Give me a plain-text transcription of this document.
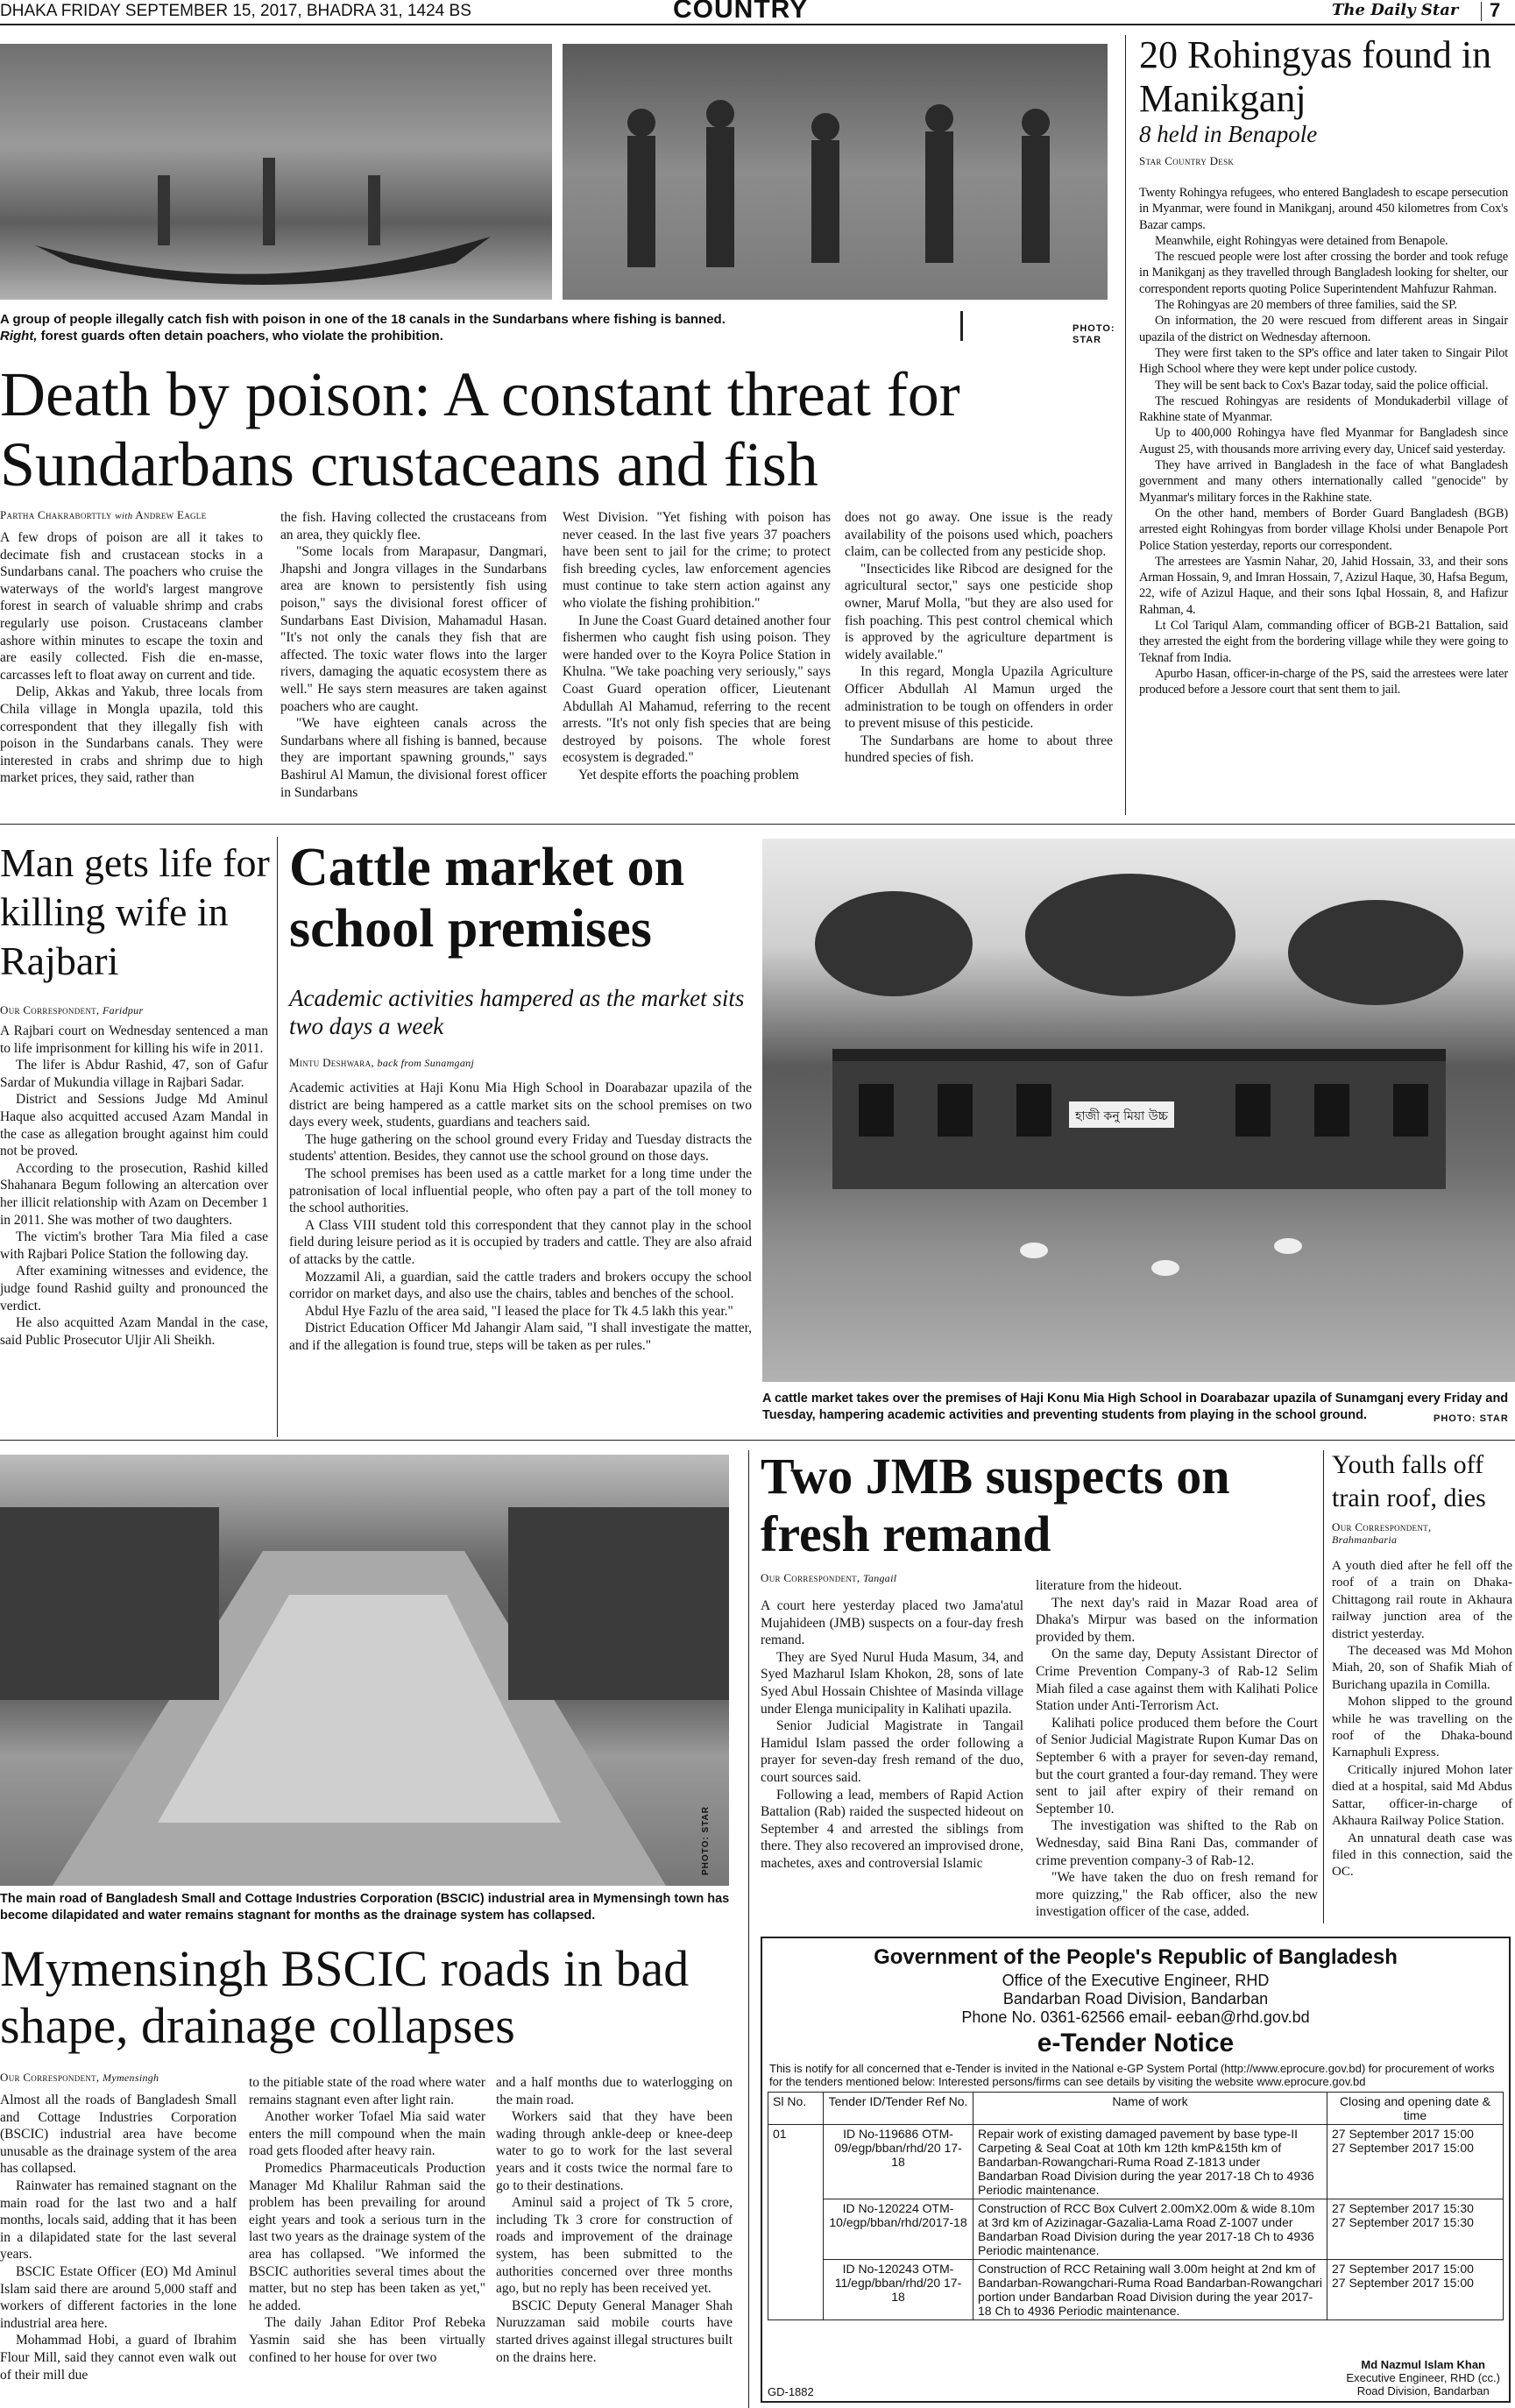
DHAKA FRIDAY SEPTEMBER 15, 2017, BHADRA 31, 1424 BS	COUNTRY	The Daily Star 7
A group of people illegally catch fish with poison in one of the 18 canals in the Sundarbans where fishing is banned.
Right, forest guards often detain poachers, who violate the prohibition.	PHOTO:
STAR
Death by poison: A constant threat for Sundarbans crustaceans and fish
Partha Chakraborttly with Andrew Eagle

A few drops of poison are all it takes to decimate fish and crustacean stocks in a Sundarbans canal. The poachers who cruise the waterways of the world's largest mangrove forest in search of valuable shrimp and crabs regularly use poison. Crustaceans clamber ashore within minutes to escape the toxin and are easily collected. Fish die en-masse, carcasses left to float away on current and tide.

Delip, Akkas and Yakub, three locals from Chila village in Mongla upazila, told this correspondent that they illegally fish with poison in the Sundarbans canals. They were interested in crabs and shrimp due to high market prices, they said, rather than

the fish. Having collected the crustaceans from an area, they quickly flee.

"Some locals from Marapasur, Dangmari, Jhapshi and Jongra villages in the Sundarbans area are known to persistently fish using poison," says the divisional forest officer of Sundarbans East Division, Mahamadul Hasan. "It's not only the canals they fish that are affected. The toxic water flows into the larger rivers, damaging the aquatic ecosystem there as well." He says stern measures are taken against poachers who are caught.

"We have eighteen canals across the Sundarbans where all fishing is banned, because they are important spawning grounds," says Bashirul Al Mamun, the divisional forest officer in Sundarbans

West Division. "Yet fishing with poison has never ceased. In the last five years 37 poachers have been sent to jail for the crime; to protect fish breeding cycles, law enforcement agencies must continue to take stern action against any who violate the fishing prohibition."

In June the Coast Guard detained another four fishermen who caught fish using poison. They were handed over to the Koyra Police Station in Khulna. "We take poaching very seriously," says Coast Guard operation officer, Lieutenant Abdullah Al Mahamud, referring to the recent arrests. "It's not only fish species that are being destroyed by poisons. The whole forest ecosystem is degraded."

Yet despite efforts the poaching problem

does not go away. One issue is the ready availability of the poisons used which, poachers claim, can be collected from any pesticide shop.

"Insecticides like Ribcod are designed for the agricultural sector," says one pesticide shop owner, Maruf Molla, "but they are also used for fish poaching. This pest control chemical which is approved by the agriculture department is widely available."

In this regard, Mongla Upazila Agriculture Officer Abdullah Al Mamun urged the administration to be tough on offenders in order to prevent misuse of this pesticide.

The Sundarbans are home to about three hundred species of fish.

20 Rohingyas found in Manikganj
8 held in Benapole
Star Country Desk

Twenty Rohingya refugees, who entered Bangladesh to escape persecution in Myanmar, were found in Manikganj, around 450 kilometres from Cox's Bazar camps.

Meanwhile, eight Rohingyas were detained from Benapole.

The rescued people were lost after crossing the border and took refuge in Manikganj as they travelled through Bangladesh looking for shelter, our correspondent reports quoting Police Superintendent Mahfuzur Rahman.

The Rohingyas are 20 members of three families, said the SP.

On information, the 20 were rescued from different areas in Singair upazila of the district on Wednesday afternoon.

They were first taken to the SP's office and later taken to Singair Pilot High School where they were kept under police custody.

They will be sent back to Cox's Bazar today, said the police official.

The rescued Rohingyas are residents of Mondukaderbil village of Rakhine state of Myanmar.

Up to 400,000 Rohingya have fled Myanmar for Bangladesh since August 25, with thousands more arriving every day, Unicef said yesterday.

They have arrived in Bangladesh in the face of what Bangladesh government and many others internationally called "genocide" by Myanmar's military forces in the Rakhine state.

On the other hand, members of Border Guard Bangladesh (BGB) arrested eight Rohingyas from border village Kholsi under Benapole Port Police Station yesterday, reports our correspondent.

The arrestees are Yasmin Nahar, 20, Jahid Hossain, 33, and their sons Arman Hossain, 9, and Imran Hossain, 7, Azizul Haque, 30, Hafsa Begum, 22, wife of Azizul Haque, and their sons Iqbal Hossain, 8, and Hafizur Rahman, 4.

Lt Col Tariqul Alam, commanding officer of BGB-21 Battalion, said they arrested the eight from the bordering village while they were going to Teknaf from India.

Apurbo Hasan, officer-in-charge of the PS, said the arrestees were later produced before a Jessore court that sent them to jail.

Man gets life for killing wife in Rajbari
Our Correspondent, Faridpur

A Rajbari court on Wednesday sentenced a man to life imprisonment for killing his wife in 2011.

The lifer is Abdur Rashid, 47, son of Gafur Sardar of Mukundia village in Rajbari Sadar.

District and Sessions Judge Md Aminul Haque also acquitted accused Azam Mandal in the case as allegation brought against him could not be proved.

According to the prosecution, Rashid killed Shahanara Begum following an altercation over her illicit relationship with Azam on December 1 in 2011. She was mother of two daughters.

The victim's brother Tara Mia filed a case with Rajbari Police Station the following day.

After examining witnesses and evidence, the judge found Rashid guilty and pronounced the verdict.

He also acquitted Azam Mandal in the case, said Public Prosecutor Uljir Ali Sheikh.

Cattle market on school premises
Academic activities hampered as the market sits two days a week
Mintu Deshwara, back from Sunamganj

Academic activities at Haji Konu Mia High School in Doarabazar upazila of the district are being hampered as a cattle market sits on the school premises on two days every week, students, guardians and teachers said.

The huge gathering on the school ground every Friday and Tuesday distracts the students' attention. Besides, they cannot use the school ground on those days.

The school premises has been used as a cattle market for a long time under the patronisation of local influential people, who often pay a part of the toll money to the school authorities.

A Class VIII student told this correspondent that they cannot play in the school field during leisure period as it is occupied by traders and cattle. They are also afraid of attacks by the cattle.

Mozzamil Ali, a guardian, said the cattle traders and brokers occupy the school corridor on market days, and also use the chairs, tables and benches of the school.

Abdul Hye Fazlu of the area said, "I leased the place for Tk 4.5 lakh this year."

District Education Officer Md Jahangir Alam said, "I shall investigate the matter, and if the allegation is found true, steps will be taken as per rules."

হাজী কনু মিয়া উচ্চ
A cattle market takes over the premises of Haji Konu Mia High School in Doarabazar upazila of Sunamganj every Friday and Tuesday, hampering academic activities and preventing students from playing in the school ground.	PHOTO: STAR
PHOTO: STAR
The main road of Bangladesh Small and Cottage Industries Corporation (BSCIC) industrial area in Mymensingh town has become dilapidated and water remains stagnant for months as the drainage system has collapsed.
Mymensingh BSCIC roads in bad shape, drainage collapses
Our Correspondent, Mymensingh

Almost all the roads of Bangladesh Small and Cottage Industries Corporation (BSCIC) industrial area have become unusable as the drainage system of the area has collapsed.

Rainwater has remained stagnant on the main road for the last two and a half months, locals said, adding that it has been in a dilapidated state for the last several years.

BSCIC Estate Officer (EO) Md Aminul Islam said there are around 5,000 staff and workers of different factories in the lone industrial area here.

Mohammad Hobi, a guard of Ibrahim Flour Mill, said they cannot even walk out of their mill due

to the pitiable state of the road where water remains stagnant even after light rain.

Another worker Tofael Mia said water enters the mill compound when the main road gets flooded after heavy rain.

Promedics Pharmaceuticals Production Manager Md Khalilur Rahman said the problem has been prevailing for around eight years and took a serious turn in the last two years as the drainage system of the area has collapsed. "We informed the BSCIC authorities several times about the matter, but no step has been taken as yet," he added.

The daily Jahan Editor Prof Rebeka Yasmin said she has been virtually confined to her house for over two

and a half months due to waterlogging on the main road.

Workers said that they have been wading through ankle-deep or knee-deep water to go to work for the last several years and it costs twice the normal fare to go to their destinations.

Aminul said a project of Tk 5 crore, including Tk 3 crore for construction of roads and improvement of the drainage system, has been submitted to the authorities concerned over three months ago, but no reply has been received yet.

BSCIC Deputy General Manager Shah Nuruzzaman said mobile courts have started drives against illegal structures built on the drains here.

Two JMB suspects on fresh remand
Our Correspondent, Tangail

A court here yesterday placed two Jama'atul Mujahideen (JMB) suspects on a four-day fresh remand.

They are Syed Nurul Huda Masum, 34, and Syed Mazharul Islam Khokon, 28, sons of late Syed Abul Hossain Chishtee of Masinda village under Elenga municipality in Kalihati upazila.

Senior Judicial Magistrate in Tangail Hamidul Islam passed the order following a prayer for seven-day fresh remand of the duo, court sources said.

Following a lead, members of Rapid Action Battalion (Rab) raided the suspected hideout on September 4 and arrested the siblings from there. They also recovered an improvised drone, machetes, axes and controversial Islamic

literature from the hideout.

The next day's raid in Mazar Road area of Dhaka's Mirpur was based on the information provided by them.

On the same day, Deputy Assistant Director of Crime Prevention Company-3 of Rab-12 Selim Miah filed a case against them with Kalihati Police Station under Anti-Terrorism Act.

Kalihati police produced them before the Court of Senior Judicial Magistrate Rupon Kumar Das on September 6 with a prayer for seven-day remand, but the court granted a four-day remand. They were sent to jail after expiry of their remand on September 10.

The investigation was shifted to the Rab on Wednesday, said Bina Rani Das, commander of crime prevention company-3 of Rab-12.

"We have taken the duo on fresh remand for more quizzing," the Rab officer, also the new investigation officer of the case, added.

Youth falls off train roof, dies
Our Correspondent,
Brahmanbaria

A youth died after he fell off the roof of a train on Dhaka-Chittagong rail route in Akhaura railway junction area of the district yesterday.

The deceased was Md Mohon Miah, 20, son of Shafik Miah of Burichang upazila in Comilla.

Mohon slipped to the ground while he was travelling on the roof of the Dhaka-bound Karnaphuli Express.

Critically injured Mohon later died at a hospital, said Md Abdus Sattar, officer-in-charge of Akhaura Railway Police Station.

An unnatural death case was filed in this connection, said the OC.

Government of the People's Republic of Bangladesh
Office of the Executive Engineer, RHD
Bandarban Road Division, Bandarban
Phone No. 0361-62566 email- eeban@rhd.gov.bd
e-Tender Notice
This is notify for all concerned that e-Tender is invited in the National e-GP System Portal (http://www.eprocure.gov.bd) for procurement of works for the tenders mentioned below: Interested persons/firms can see details by visiting the website www.eprocure.gov.bd
Sl No.	Tender ID/Tender Ref No.	Name of work	Closing and opening date & time
01	ID No-119686 OTM-09/egp/bban/rhd/20 17-18	Repair work of existing damaged pavement by base type-II Carpeting & Seal Coat at 10th km 12th kmP&15th km of Bandarban-Rowangchari-Ruma Road Z-1813 under Bandarban Road Division during the year 2017-18 Ch to 4936 Periodic maintenance.	27 September 2017 15:00
27 September 2017 15:00

	ID No-120224 OTM-10/egp/bban/rhd/2017-18	Construction of RCC Box Culvert 2.00mX2.00m & wide 8.10m at 3rd km of Azizinagar-Gazalia-Lama Road Z-1007 under Bandarban Road Division during the year 2017-18 Ch to 4936 Periodic maintenance.	27 September 2017 15:30
27 September 2017 15:30

	ID No-120243 OTM-11/egp/bban/rhd/20 17-18	Construction of RCC Retaining wall 3.00m height at 2nd km of Bandarban-Rowangchari-Ruma Road Bandarban-Rowangchari portion under Bandarban Road Division during the year 2017-18 Ch to 4936 Periodic maintenance.	27 September 2017 15:00
27 September 2017 15:00
Md Nazmul Islam Khan
Executive Engineer, RHD (cc.)
Road Division, Bandarban
GD-1882
